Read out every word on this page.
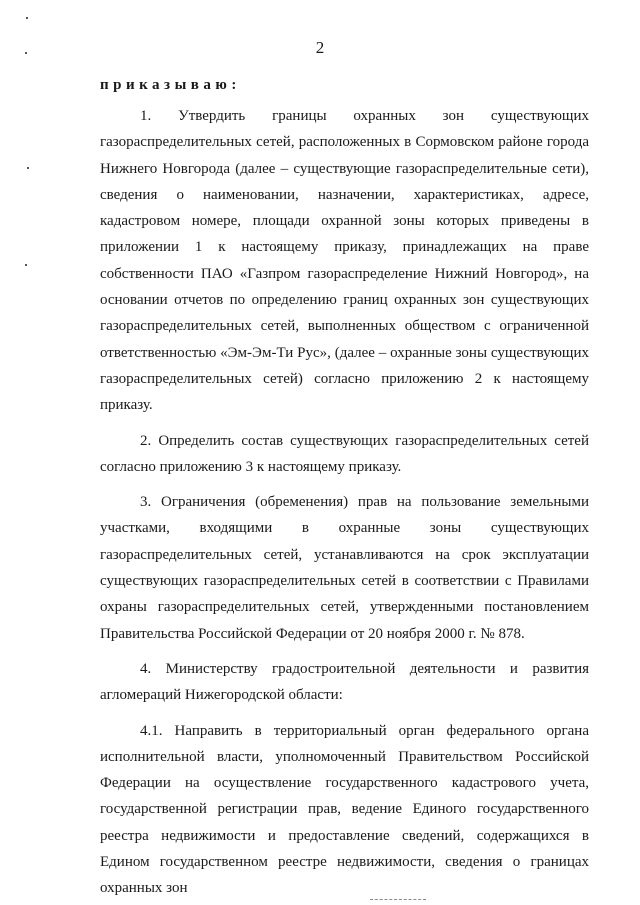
2
приказываю:

1. Утвердить границы охранных зон существующих газораспределительных сетей, расположенных в Сормовском районе города Нижнего Новгорода (далее – существующие газораспределительные сети), сведения о наименовании, назначении, характеристиках, адресе, кадастровом номере, площади охранной зоны которых приведены в приложении 1 к настоящему приказу, принадлежащих на праве собственности ПАО «Газпром газораспределение Нижний Новгород», на основании отчетов по определению границ охранных зон существующих газораспределительных сетей, выполненных обществом с ограниченной ответственностью «Эм-Эм-Ти Рус», (далее – охранные зоны существующих газораспределительных сетей) согласно приложению 2 к настоящему приказу.

2. Определить состав существующих газораспределительных сетей согласно приложению 3 к настоящему приказу.

3. Ограничения (обременения) прав на пользование земельными участками, входящими в охранные зоны существующих газораспределительных сетей, устанавливаются на срок эксплуатации существующих газораспределительных сетей в соответствии с Правилами охраны газораспределительных сетей, утвержденными постановлением Правительства Российской Федерации от 20 ноября 2000 г. № 878.

4. Министерству градостроительной деятельности и развития агломераций Нижегородской области:

4.1. Направить в территориальный орган федерального органа исполнительной власти, уполномоченный Правительством Российской Федерации на осуществление государственного кадастрового учета, государственной регистрации прав, ведение Единого государственного реестра недвижимости и предоставление сведений, содержащихся в Едином государственном реестре недвижимости, сведения о границах охранных зон
